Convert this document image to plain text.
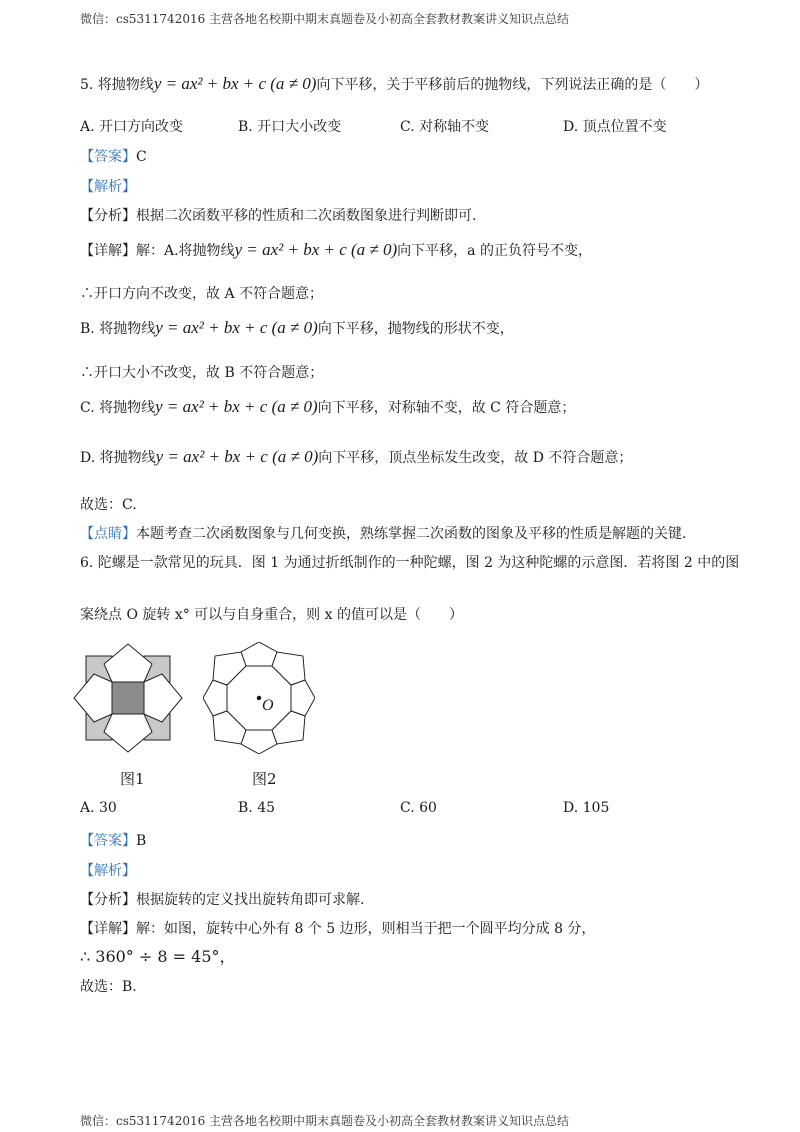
微信：cs5311742016 主营各地名校期中期末真题卷及小初高全套教材教案讲义知识点总结
5. 将抛物线y = ax² + bx + c (a ≠ 0)向下平移，关于平移前后的抛物线，下列说法正确的是（　　）
A. 开口方向改变	B. 开口大小改变	C. 对称轴不变	D. 顶点位置不变
【答案】C
【解析】
【分析】根据二次函数平移的性质和二次函数图象进行判断即可.
【详解】解：A.将抛物线y = ax² + bx + c (a ≠ 0)向下平移，a 的正负符号不变，
∴开口方向不改变，故 A 不符合题意；
B. 将抛物线y = ax² + bx + c (a ≠ 0)向下平移，抛物线的形状不变，
∴开口大小不改变，故 B 不符合题意；
C. 将抛物线y = ax² + bx + c (a ≠ 0)向下平移，对称轴不变，故 C 符合题意；
D. 将抛物线y = ax² + bx + c (a ≠ 0)向下平移，顶点坐标发生改变，故 D 不符合题意；
故选：C.
【点睛】本题考查二次函数图象与几何变换，熟练掌握二次函数的图象及平移的性质是解题的关键.
6. 陀螺是一款常见的玩具．图 1 为通过折纸制作的一种陀螺，图 2 为这种陀螺的示意图．若将图 2 中的图
案绕点 O 旋转 x° 可以与自身重合，则 x 的值可以是（　　）
O
图1	图2
A. 30	B. 45	C. 60	D. 105
【答案】B
【解析】
【分析】根据旋转的定义找出旋转角即可求解.
【详解】解：如图，旋转中心外有 8 个 5 边形，则相当于把一个圆平均分成 8 分，
∴ 360° ÷ 8 = 45°，
故选：B.
微信：cs5311742016 主营各地名校期中期末真题卷及小初高全套教材教案讲义知识点总结
